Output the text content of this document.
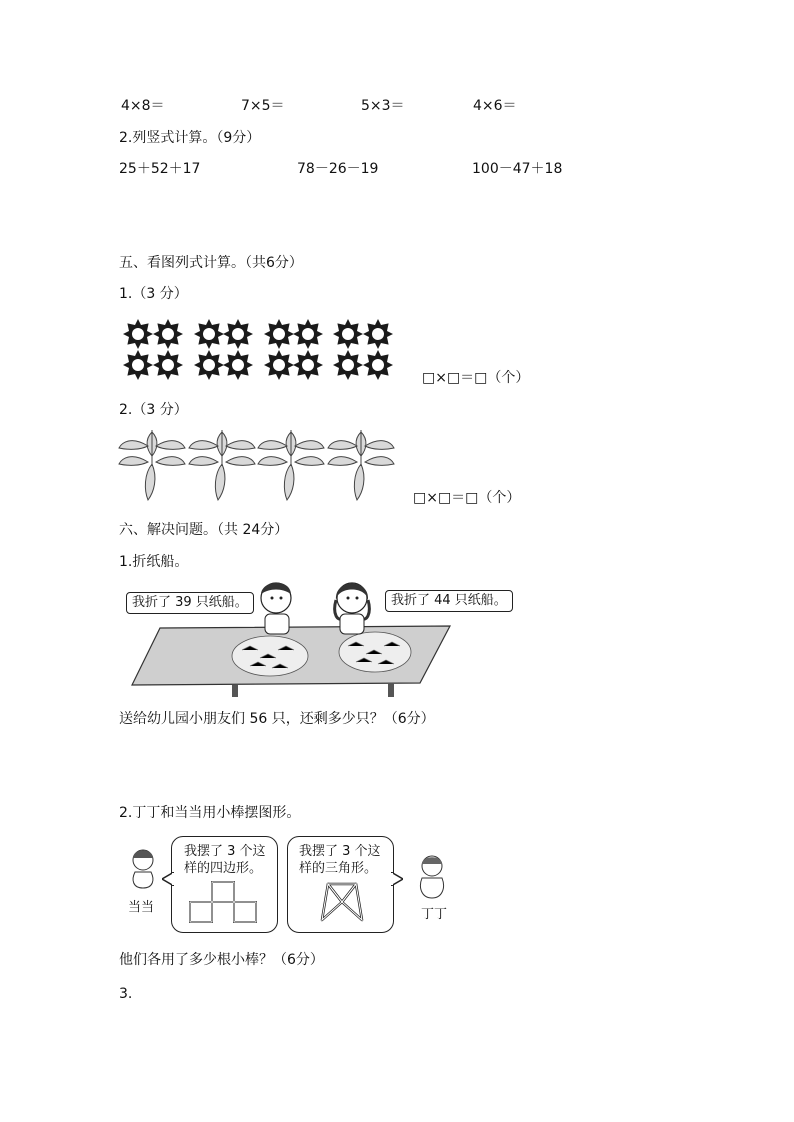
4×8＝	7×5＝	5×3＝	4×6＝
2.列竖式计算。（9分）
25＋52＋17	78－26－19	100－47＋18
五、看图列式计算。（共6分）
1.（3 分）
□×□＝□（个）
2.（3 分）
□×□＝□（个）
六、解决问题。（共 24分）
1.折纸船。
我折了 39 只纸船。	我折了 44 只纸船。
送给幼儿园小朋友们 56 只，还剩多少只？（6分）
2.丁丁和当当用小棒摆图形。
当当
我摆了 3 个这
样的四边形。
我摆了 3 个这
样的三角形。
丁丁
他们各用了多少根小棒？（6分）
3.
